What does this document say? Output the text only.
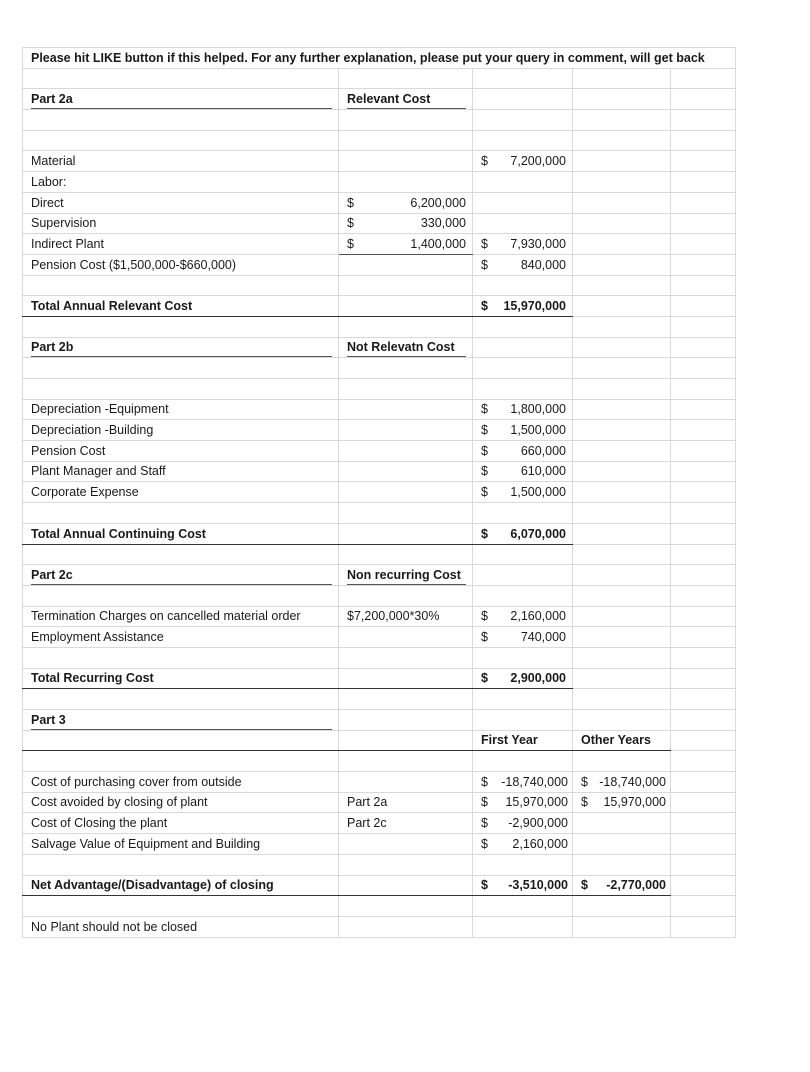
Please hit LIKE button if this helped. For any further explanation, please put your query in comment, will get back				

Part 2a	Relevant Cost			

Material		$ 7,200,000		

Labor:				
Direct	$ 6,200,000			

Supervision	$ 330,000			

Indirect Plant	$ 1,400,000	$ 7,930,000		

Pension Cost ($1,500,000-$660,000)		$ 840,000		

Total Annual Relevant Cost		$ 15,970,000		

Part 2b	Not Relevatn Cost			

Depreciation -Equipment		$ 1,800,000		

Depreciation -Building		$ 1,500,000		

Pension Cost		$ 660,000		

Plant Manager and Staff		$ 610,000		

Corporate Expense		$ 1,500,000		

Total Annual Continuing Cost		$ 6,070,000		

Part 2c	Non recurring Cost			

Termination Charges on cancelled material order	$7,200,000*30%	$ 2,160,000		

Employment Assistance		$ 740,000		

Total Recurring Cost		$ 2,900,000		

Part 3				

		First Year	Other Years	

Cost of purchasing cover from outside		$ -18,740,000	$ -18,740,000	

Cost avoided by closing of plant	Part 2a	$ 15,970,000	$ 15,970,000	

Cost of Closing the plant	Part 2c	$ -2,900,000		

Salvage Value of Equipment and Building		$ 2,160,000		

Net Advantage/(Disadvantage) of closing		$ -3,510,000	$ -2,770,000	

No Plant should not be closed				
